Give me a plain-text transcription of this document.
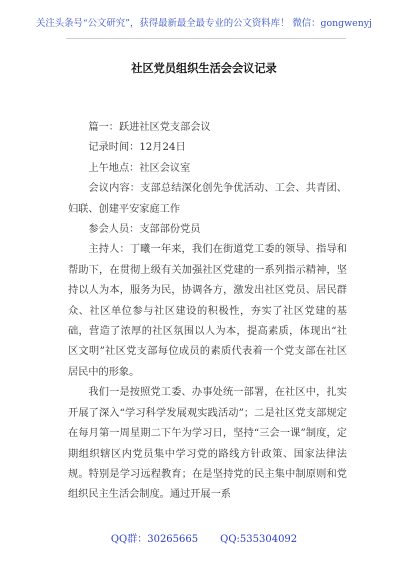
关注头条号“公文研究”，获得最新最全最专业的公文资料库！ 微信：gongwenyj
社区党员组织生活会会议记录

篇一：跃进社区党支部会议

记录时间：12月24日

上午地点：社区会议室

会议内容：支部总结深化创先争优活动、工会、共青团、妇联、创建平安家庭工作

参会人员：支部部份党员

主持人：丁曦一年来，我们在街道党工委的领导、指导和帮助下，在贯彻上级有关加强社区党建的一系列指示精神，坚持以人为本，服务为民，协调各方，激发出社区党员、居民群众、社区单位参与社区建设的积极性，夯实了社区党建的基础，营造了浓厚的社区氛围以人为本，提高素质，体现出“社区文明”社区党支部每位成员的素质代表着一个党支部在社区居民中的形象。

我们一是按照党工委、办事处统一部署，在社区中，扎实开展了深入“学习科学发展观实践活动”；二是社区党支部规定在每月第一周星期二下午为学习日，坚持“三会一课”制度，定期组织辖区内党员集中学习党的路线方针政策、国家法律法规。特别是学习远程教育；在是坚持党的民主集中制原则和党组织民主生活会制度。通过开展一系

QQ群：30265665 QQ:535304092
